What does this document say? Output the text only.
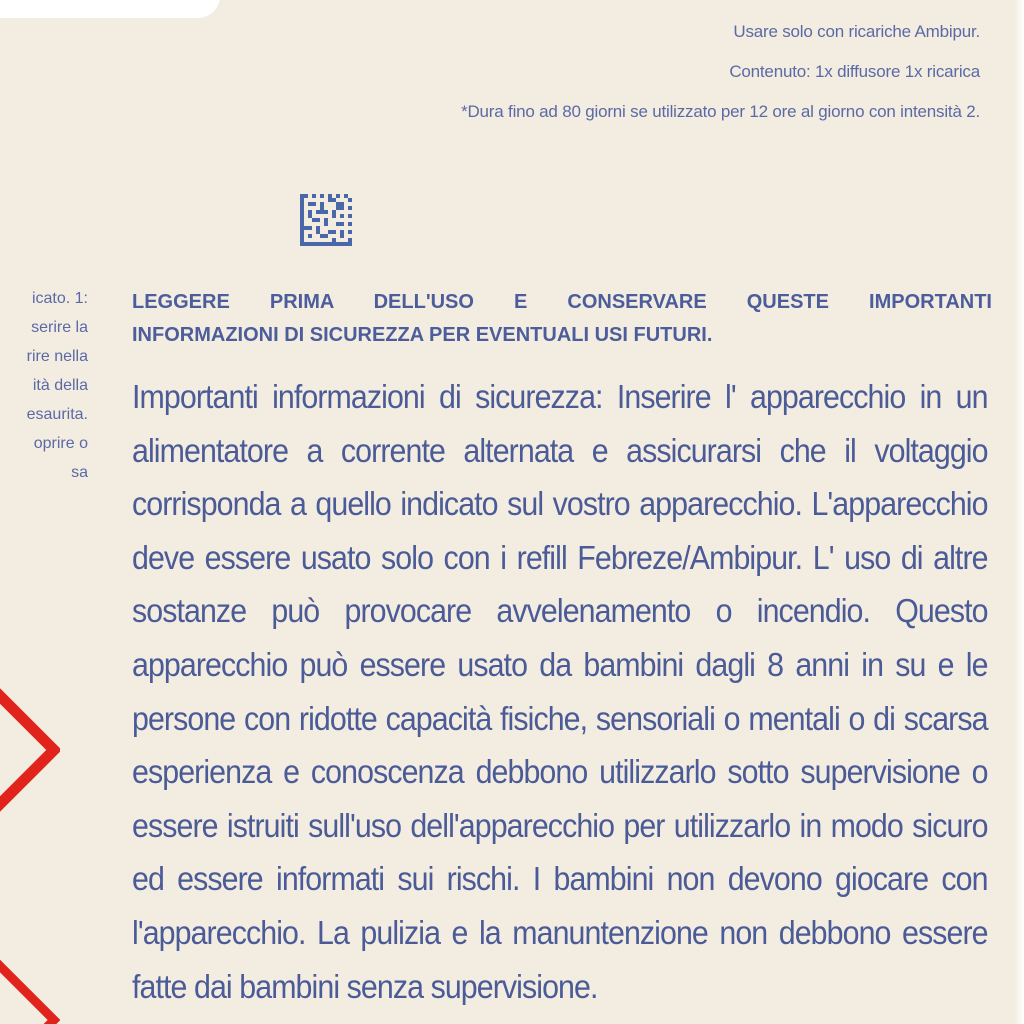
Usare solo con ricariche Ambipur.
Contenuto: 1x diffusore 1x ricarica
*Dura fino ad 80 giorni se utilizzato per 12 ore al giorno con intensità 2.
icato. 1:
serire la
rire nella
ità della
esaurita.
oprire o
sa
LEGGERE PRIMA DELL'USO E CONSERVARE QUESTE IMPORTANTI
INFORMAZIONI DI SICUREZZA PER EVENTUALI USI FUTURI.
Importanti informazioni di sicurezza: Inserire l' apparecchio in un alimentatore a corrente alternata e assicurarsi che il voltaggio corrisponda a quello indicato sul vostro apparecchio. L'apparecchio deve essere usato solo con i refill Febreze/Ambipur. L' uso di altre sostanze può provocare avvelenamento o incendio. Questo apparecchio può essere usato da bambini dagli 8 anni in su e le persone con ridotte capacità fisiche, sensoriali o mentali o di scarsa esperienza e conoscenza debbono utilizzarlo sotto supervisione o essere istruiti sull'uso dell'apparecchio per utilizzarlo in modo sicuro ed essere informati sui rischi. I bambini non devono giocare con l'apparecchio. La pulizia e la manuntenzione non debbono essere fatte dai bambini senza supervisione.
